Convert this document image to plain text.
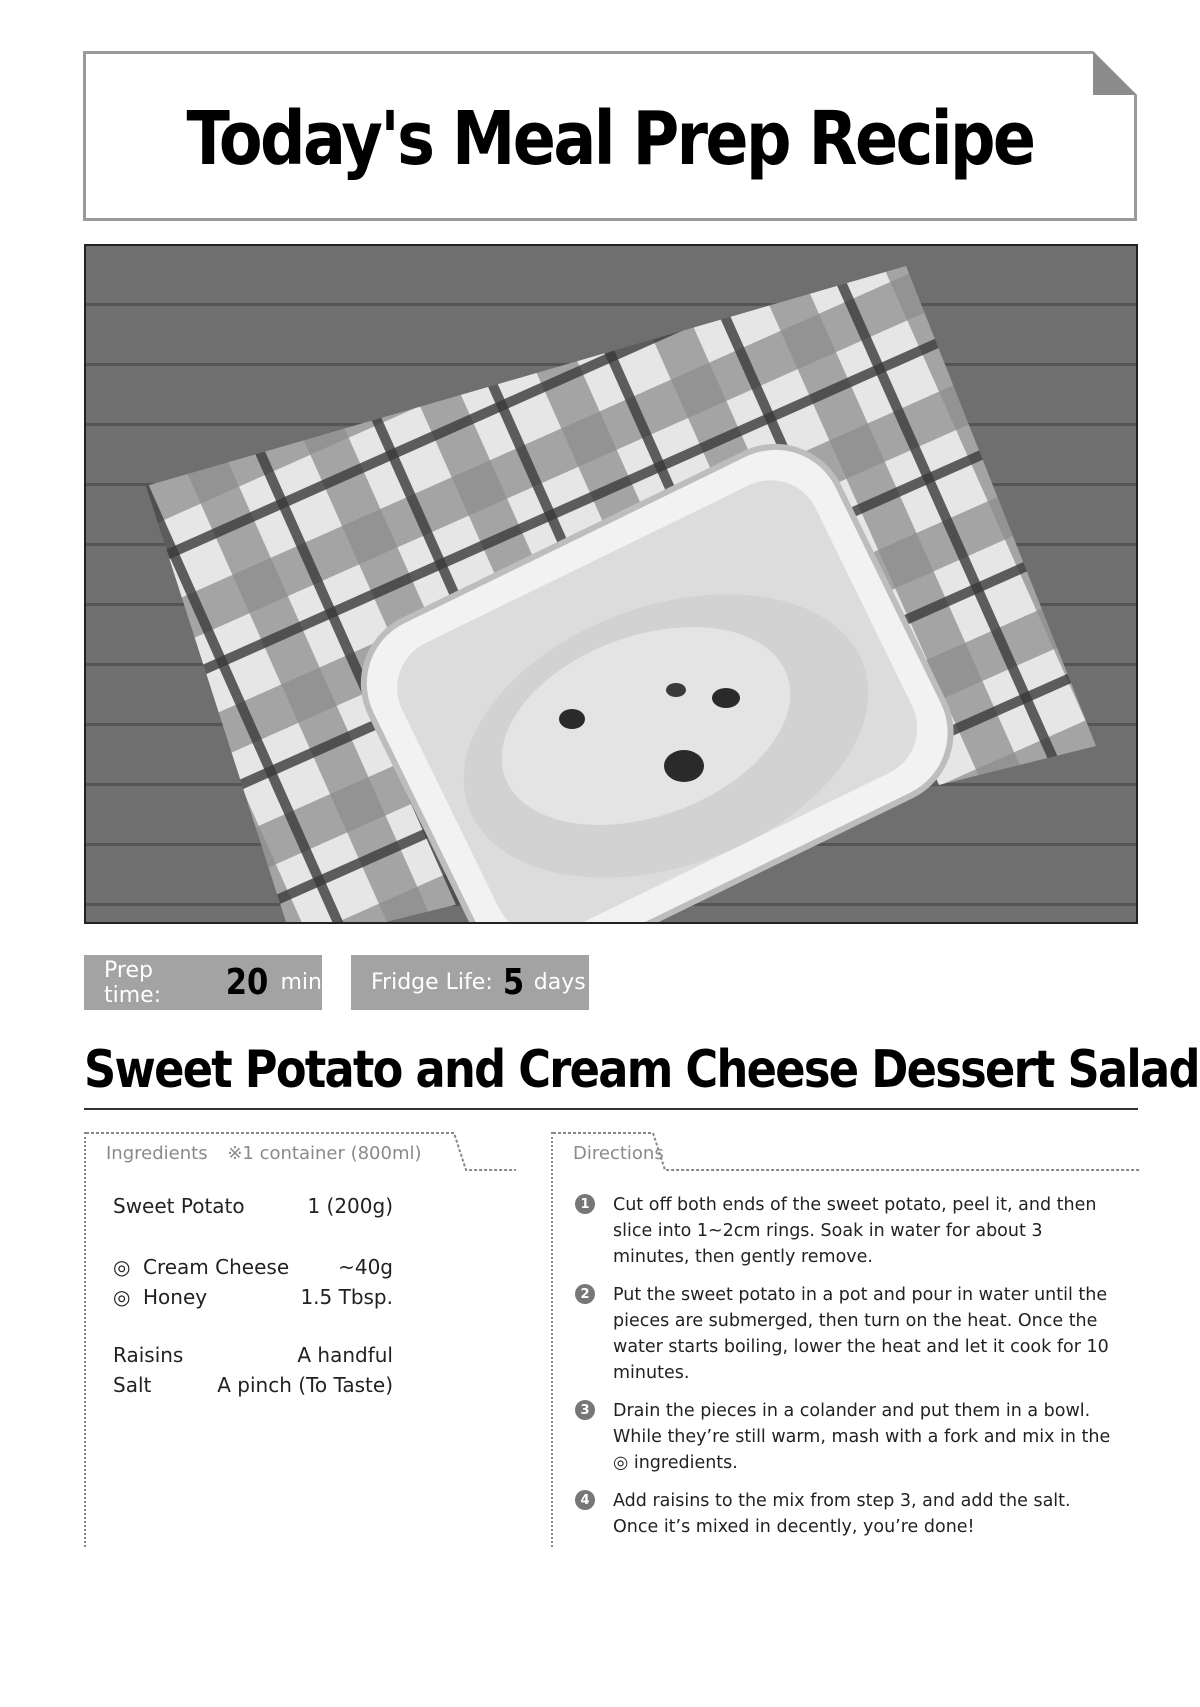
Today's Meal Prep Recipe
Prep time:	20 min Fridge Life: 5 days
Sweet Potato and Cream Cheese Dessert Salad
Ingredients ※1 container (800ml)
Sweet Potato	1 (200g)
◎ Cream Cheese ~40g
◎ Honey	1.5 Tbsp.
Raisins	A handful
Salt	A pinch (To Taste)
Directions
1	Cut off both ends of the sweet potato, peel it, and then slice into 1~2cm rings. Soak in water for about 3 minutes, then gently remove.
2	Put the sweet potato in a pot and pour in water until the pieces are submerged, then turn on the heat. Once the water starts boiling, lower the heat and let it cook for 10 minutes.
3	Drain the pieces in a colander and put them in a bowl. While they’re still warm, mash with a fork and mix in the ◎ ingredients.
4	Add raisins to the mix from step 3, and add the salt. Once it’s mixed in decently, you’re done!
